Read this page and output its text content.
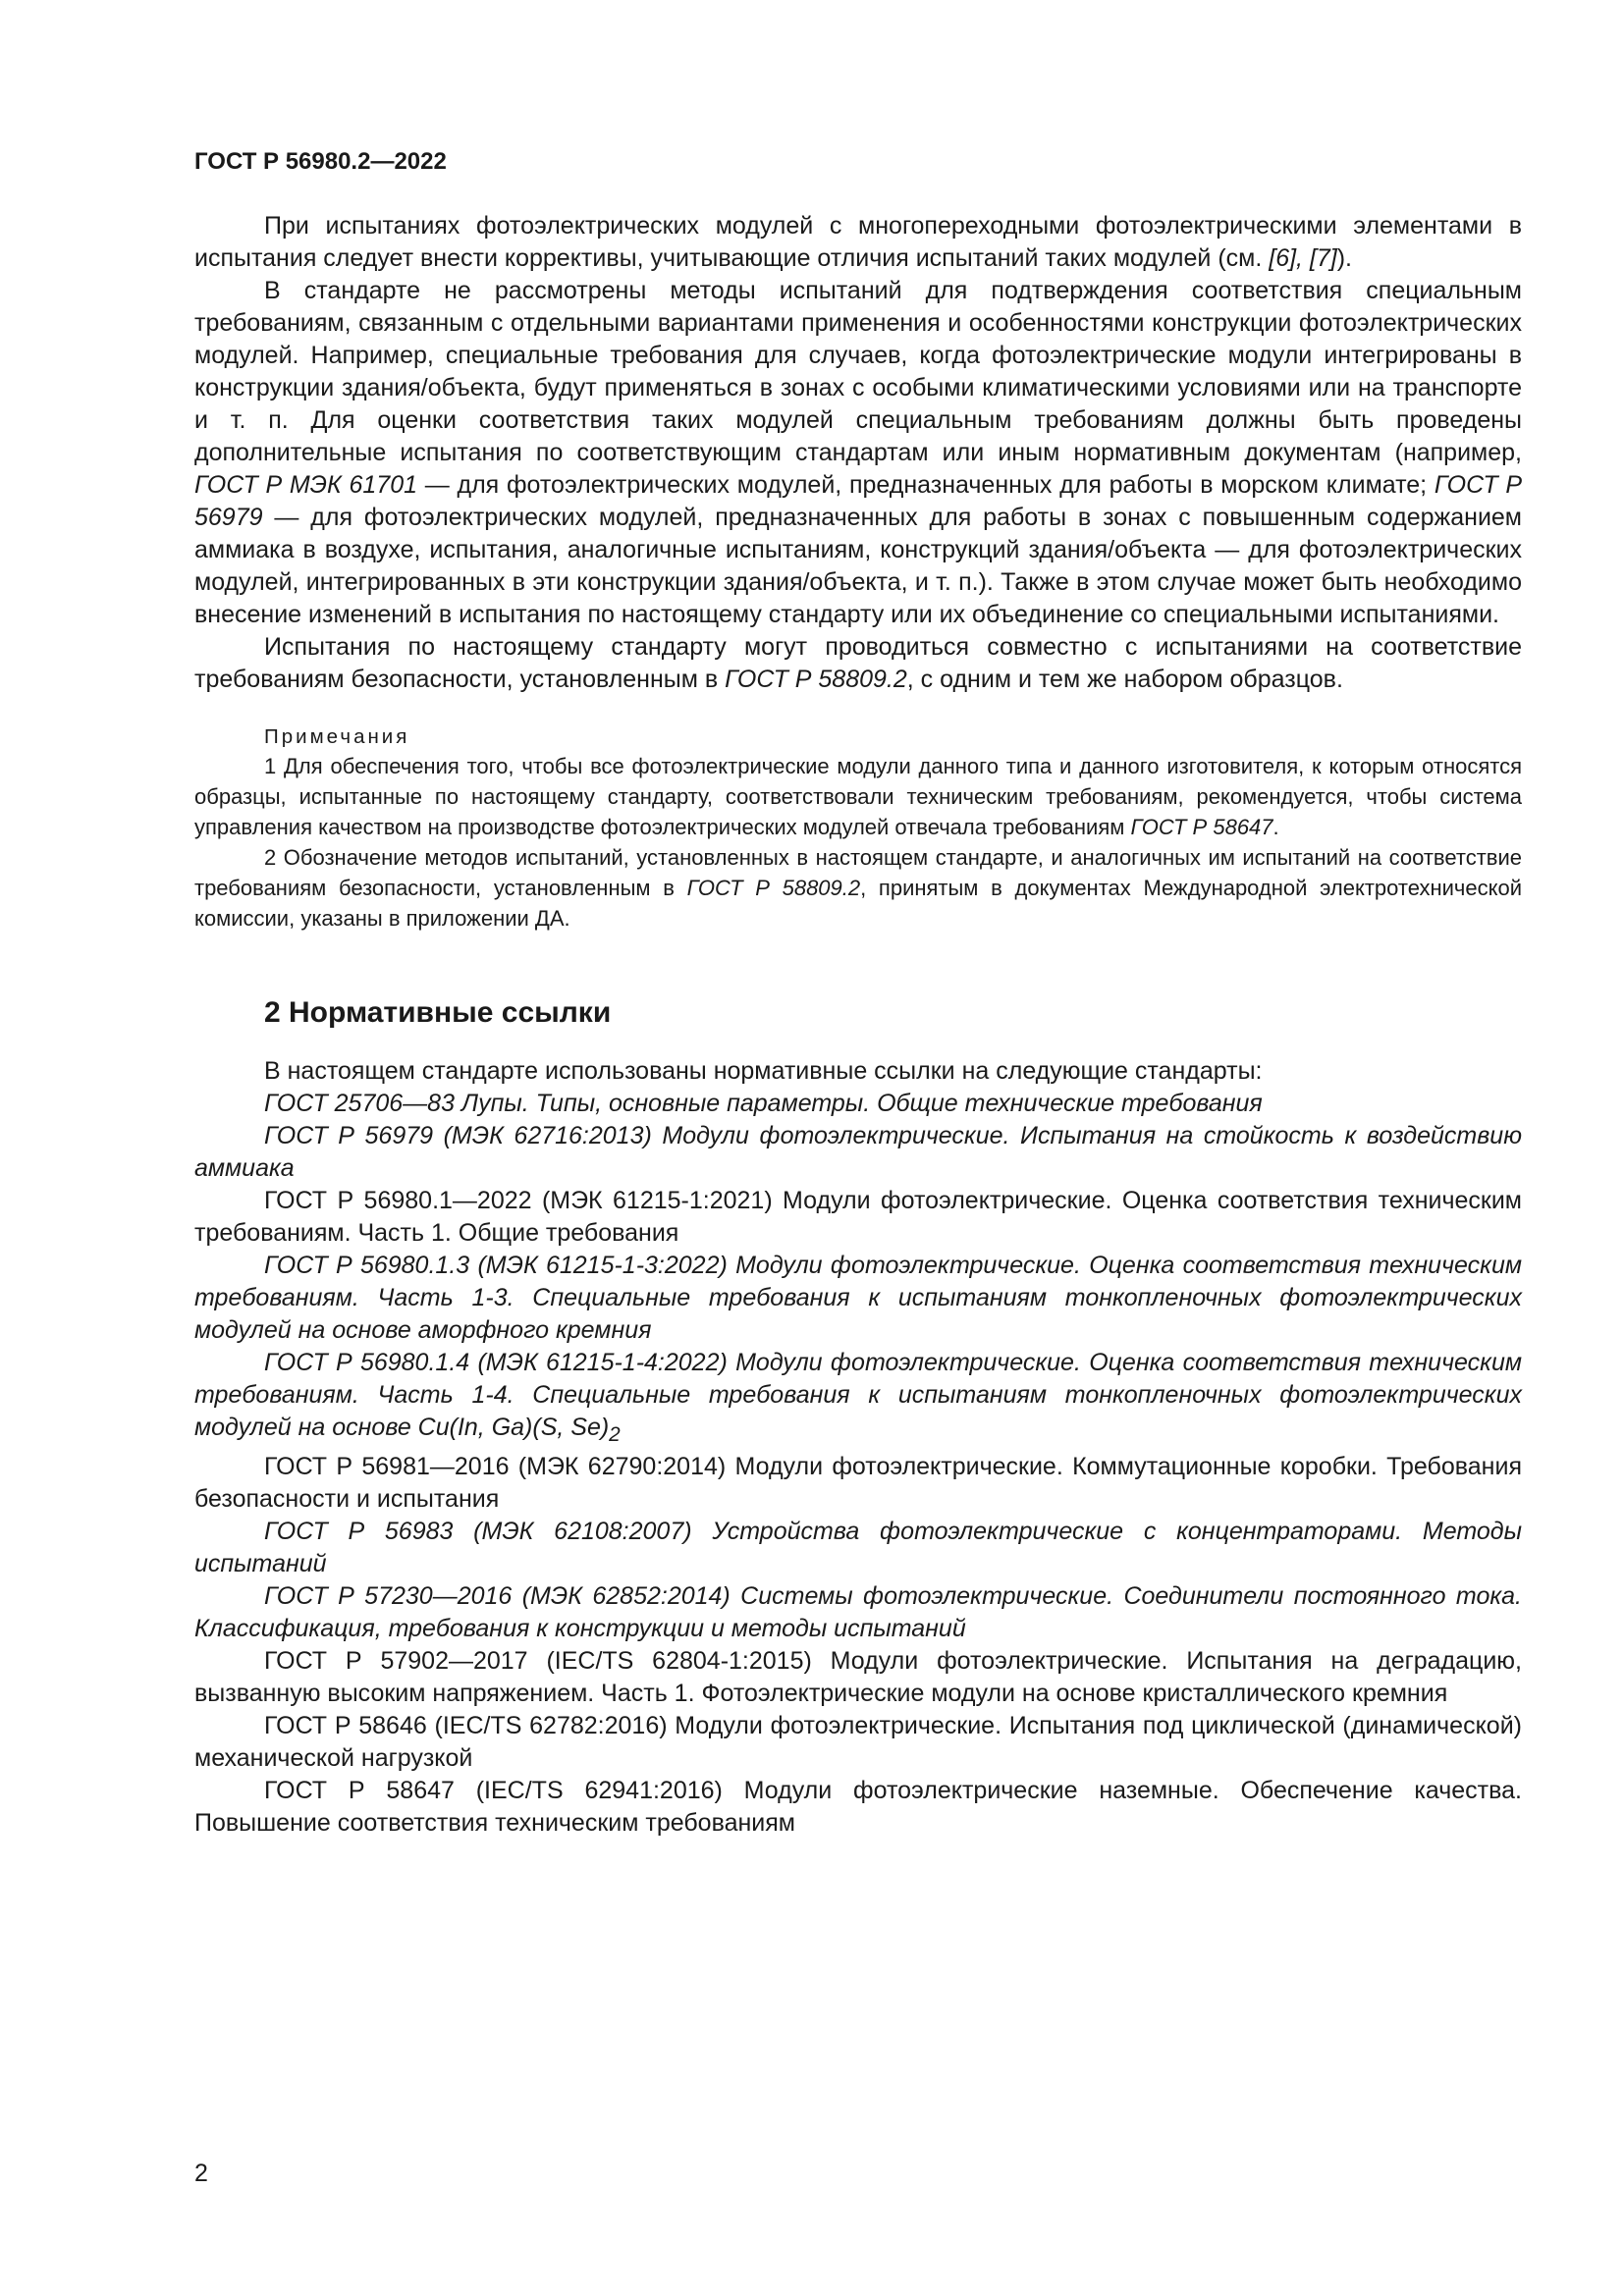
ГОСТ Р 56980.2—2022

При испытаниях фотоэлектрических модулей с многопереходными фотоэлектрическими элементами в испытания следует внести коррективы, учитывающие отличия испытаний таких модулей (см. [6], [7]).

В стандарте не рассмотрены методы испытаний для подтверждения соответствия специальным требованиям, связанным с отдельными вариантами применения и особенностями конструкции фотоэлектрических модулей. Например, специальные требования для случаев, когда фотоэлектрические модули интегрированы в конструкции здания/объекта, будут применяться в зонах с особыми климатическими условиями или на транспорте и т. п. Для оценки соответствия таких модулей специальным требованиям должны быть проведены дополнительные испытания по соответствующим стандартам или иным нормативным документам (например, ГОСТ Р МЭК 61701 — для фотоэлектрических модулей, предназначенных для работы в морском климате; ГОСТ Р 56979 — для фотоэлектрических модулей, предназначенных для работы в зонах с повышенным содержанием аммиака в воздухе, испытания, аналогичные испытаниям, конструкций здания/объекта — для фотоэлектрических модулей, интегрированных в эти конструкции здания/объекта, и т. п.). Также в этом случае может быть необходимо внесение изменений в испытания по настоящему стандарту или их объединение со специальными испытаниями.

Испытания по настоящему стандарту могут проводиться совместно с испытаниями на соответствие требованиям безопасности, установленным в ГОСТ Р 58809.2, с одним и тем же набором образцов.

Примечания

1 Для обеспечения того, чтобы все фотоэлектрические модули данного типа и данного изготовителя, к которым относятся образцы, испытанные по настоящему стандарту, соответствовали техническим требованиям, рекомендуется, чтобы система управления качеством на производстве фотоэлектрических модулей отвечала требованиям ГОСТ Р 58647.

2 Обозначение методов испытаний, установленных в настоящем стандарте, и аналогичных им испытаний на соответствие требованиям безопасности, установленным в ГОСТ Р 58809.2, принятым в документах Международной электротехнической комиссии, указаны в приложении ДА.

2 Нормативные ссылки

В настоящем стандарте использованы нормативные ссылки на следующие стандарты:

ГОСТ 25706—83 Лупы. Типы, основные параметры. Общие технические требования

ГОСТ Р 56979 (МЭК 62716:2013) Модули фотоэлектрические. Испытания на стойкость к воздействию аммиака

ГОСТ Р 56980.1—2022 (МЭК 61215-1:2021) Модули фотоэлектрические. Оценка соответствия техническим требованиям. Часть 1. Общие требования

ГОСТ Р 56980.1.3 (МЭК 61215-1-3:2022) Модули фотоэлектрические. Оценка соответствия техническим требованиям. Часть 1-3. Специальные требования к испытаниям тонкопленочных фотоэлектрических модулей на основе аморфного кремния

ГОСТ Р 56980.1.4 (МЭК 61215-1-4:2022) Модули фотоэлектрические. Оценка соответствия техническим требованиям. Часть 1-4. Специальные требования к испытаниям тонкопленочных фотоэлектрических модулей на основе Cu(In, Ga)(S, $Se)_2$

ГОСТ Р 56981—2016 (МЭК 62790:2014) Модули фотоэлектрические. Коммутационные коробки. Требования безопасности и испытания

ГОСТ Р 56983 (МЭК 62108:2007) Устройства фотоэлектрические с концентраторами. Методы испытаний

ГОСТ Р 57230—2016 (МЭК 62852:2014) Системы фотоэлектрические. Соединители постоянного тока. Классификация, требования к конструкции и методы испытаний

ГОСТ Р 57902—2017 (IEC/TS 62804-1:2015) Модули фотоэлектрические. Испытания на деградацию, вызванную высоким напряжением. Часть 1. Фотоэлектрические модули на основе кристаллического кремния

ГОСТ Р 58646 (IEC/TS 62782:2016) Модули фотоэлектрические. Испытания под циклической (динамической) механической нагрузкой

ГОСТ Р 58647 (IEC/TS 62941:2016) Модули фотоэлектрические наземные. Обеспечение качества. Повышение соответствия техническим требованиям

2
